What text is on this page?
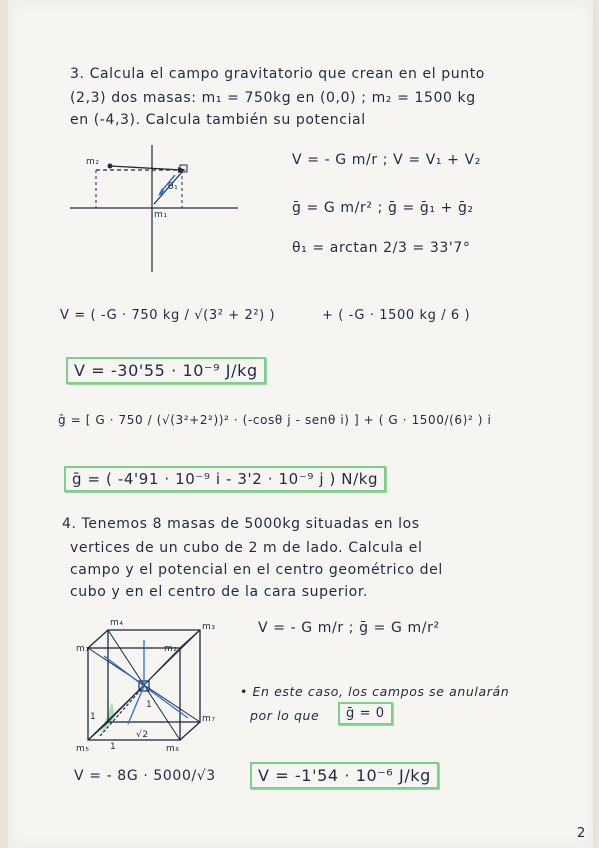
3. Calcula el campo gravitatorio que crean en el punto
(2,3) dos masas: m₁ = 750kg en (0,0) ; m₂ = 1500 kg
en (-4,3). Calcula también su potencial
m₂
m₁
θ₁
V = - G m/r ; V = V₁ + V₂
ḡ = G m/r² ; ḡ = ḡ₁ + ḡ₂
θ₁ = arctan 2/3 = 33'7°
V = ( -G · 750 kg / √(3² + 2²) )	+ ( -G · 1500 kg / 6 )
V = -30'55 · 10⁻⁹ J/kg
ḡ = [ G · 750 / (√(3²+2²))² · (-cosθ j - senθ i) ] + ( G · 1500/(6)² ) i
ḡ = ( -4'91 · 10⁻⁹ i - 3'2 · 10⁻⁹ j ) N/kg
4. Tenemos 8 masas de 5000kg situadas en los
vertices de un cubo de 2 m de lado. Calcula el
campo y el potencial en el centro geométrico del
cubo y en el centro de la cara superior.
m₄	m₃
m₁	m₂
m₇
m₅	m₆
1
1
√2
1
V = - G m/r ; ḡ = G m/r²
• En este caso, los campos se anularán
por lo que	ḡ = 0
V = - 8G · 5000/√3	V = -1'54 · 10⁻⁶ J/kg
2
